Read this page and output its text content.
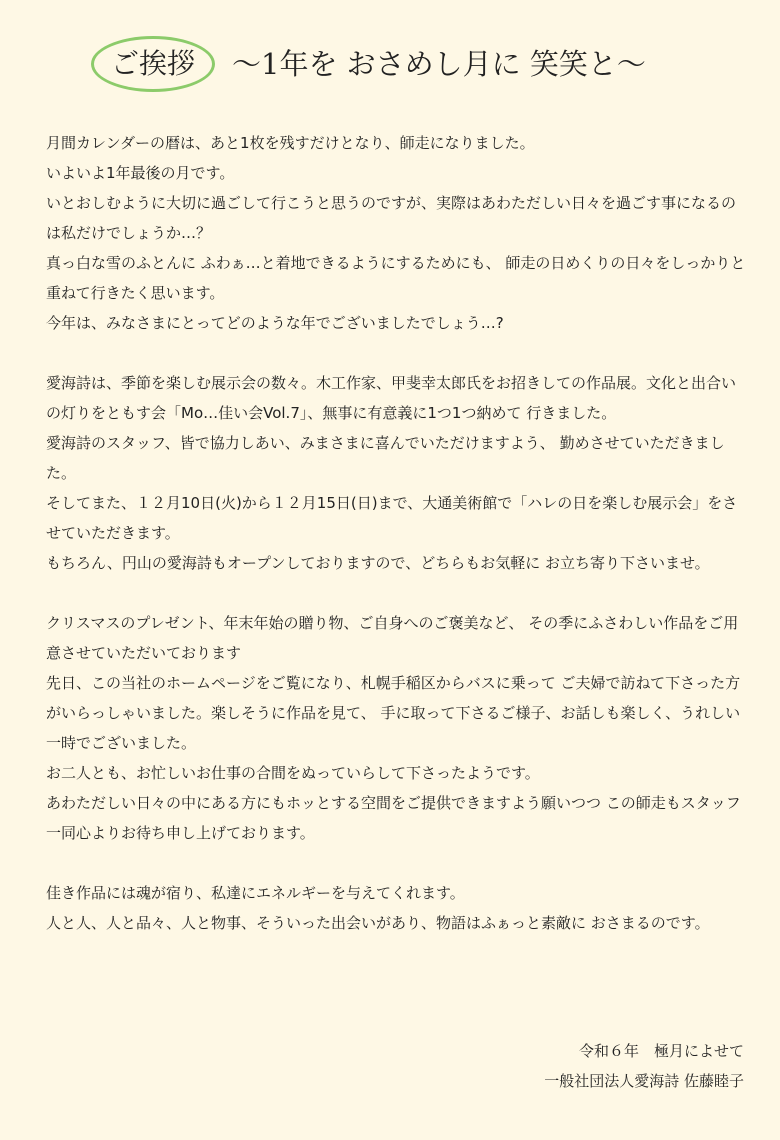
ご挨拶	～1年を おさめし月に 笑笑と～

月間カレンダーの暦は、あと1枚を残すだけとなり、師走になりました。

いよいよ1年最後の月です。

いとおしむように大切に過ごして行こうと思うのですが、実際はあわただしい日々を過ごす事になるのは私だけでしょうか…？

真っ白な雪のふとんに ふわぁ…と着地できるようにするためにも、 師走の日めくりの日々をしっかりと重ねて行きたく思います。

今年は、みなさまにとってどのような年でございましたでしょう…?

愛海詩は、季節を楽しむ展示会の数々。木工作家、甲斐幸太郎氏をお招きしての作品展。文化と出合いの灯りをともす会「Mo…佳い会Vol.7」、無事に有意義に1つ1つ納めて 行きました。

愛海詩のスタッフ、皆で協力しあい、みまさまに喜んでいただけますよう、 勤めさせていただきました。

そしてまた、１２月10日(火)から１２月15日(日)まで、大通美術館で「ハレの日を楽しむ展示会」をさせていただきます。

もちろん、円山の愛海詩もオープンしておりますので、どちらもお気軽に お立ち寄り下さいませ。

クリスマスのプレゼント、年末年始の贈り物、ご自身へのご褒美など、 その季にふさわしい作品をご用意させていただいております

先日、この当社のホームページをご覧になり、札幌手稲区からバスに乗って ご夫婦で訪ねて下さった方がいらっしゃいました。楽しそうに作品を見て、 手に取って下さるご様子、お話しも楽しく、うれしい一時でございました。

お二人とも、お忙しいお仕事の合間をぬっていらして下さったようです。

あわただしい日々の中にある方にもホッとする空間をご提供できますよう願いつつ この師走もスタッフ一同心よりお待ち申し上げております。

佳き作品には魂が宿り、私達にエネルギーを与えてくれます。

人と人、人と品々、人と物事、そういった出会いがあり、物語はふぁっと素敵に おさまるのです。

令和６年　極月によせて

一般社団法人愛海詩 佐藤睦子
